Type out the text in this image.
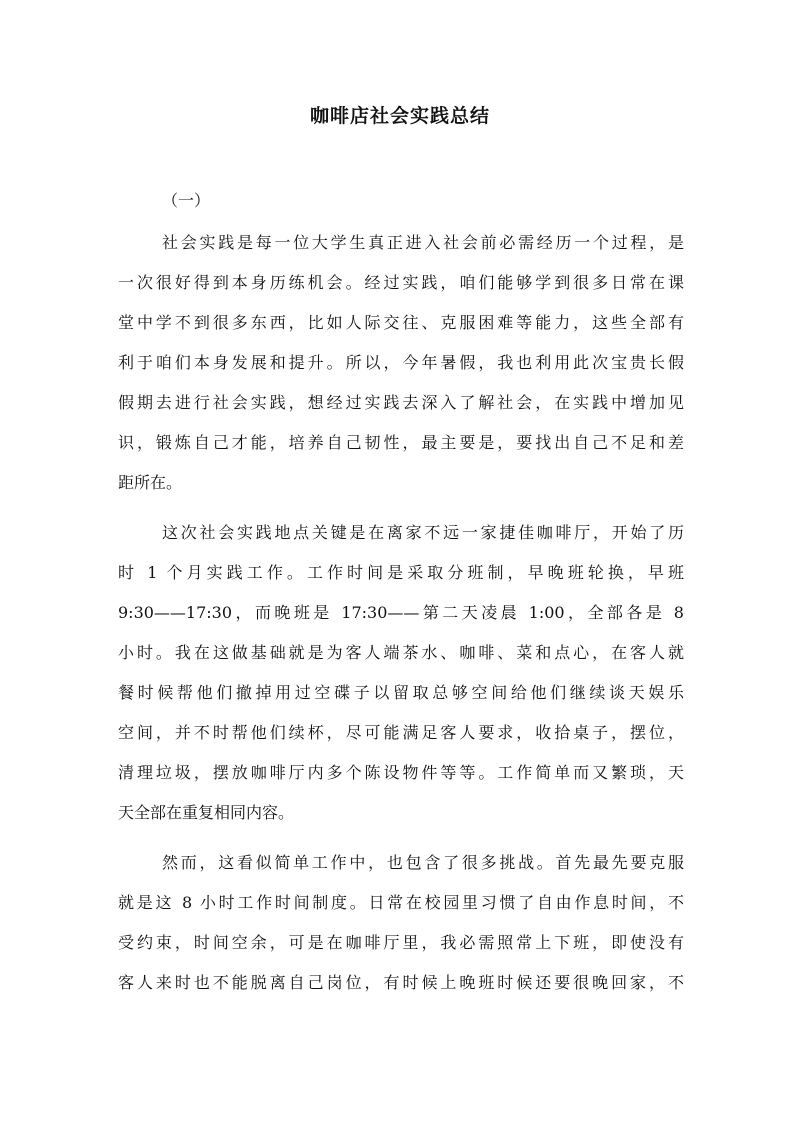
咖啡店社会实践总结
（一）
社会实践是每一位大学生真正进入社会前必需经历一个过程，是
一次很好得到本身历练机会。经过实践，咱们能够学到很多日常在课
堂中学不到很多东西，比如人际交往、克服困难等能力，这些全部有
利于咱们本身发展和提升。所以，今年暑假，我也利用此次宝贵长假
假期去进行社会实践，想经过实践去深入了解社会，在实践中增加见
识，锻炼自己才能，培养自己韧性，最主要是，要找出自己不足和差
距所在。
这次社会实践地点关键是在离家不远一家捷佳咖啡厅，开始了历
时 1 个月实践工作。工作时间是采取分班制，早晚班轮换，早班
9:30——17:30，而晚班是 17:30——第二天凌晨 1:00，全部各是 8
小时。我在这做基础就是为客人端茶水、咖啡、菜和点心，在客人就
餐时候帮他们撤掉用过空碟子以留取总够空间给他们继续谈天娱乐
空间，并不时帮他们续杯，尽可能满足客人要求，收拾桌子，摆位，
清理垃圾，摆放咖啡厅内多个陈设物件等等。工作简单而又繁琐，天
天全部在重复相同内容。
然而，这看似简单工作中，也包含了很多挑战。首先最先要克服
就是这 8 小时工作时间制度。日常在校园里习惯了自由作息时间，不
受约束，时间空余，可是在咖啡厅里，我必需照常上下班，即使没有
客人来时也不能脱离自己岗位，有时候上晚班时候还要很晚回家，不
